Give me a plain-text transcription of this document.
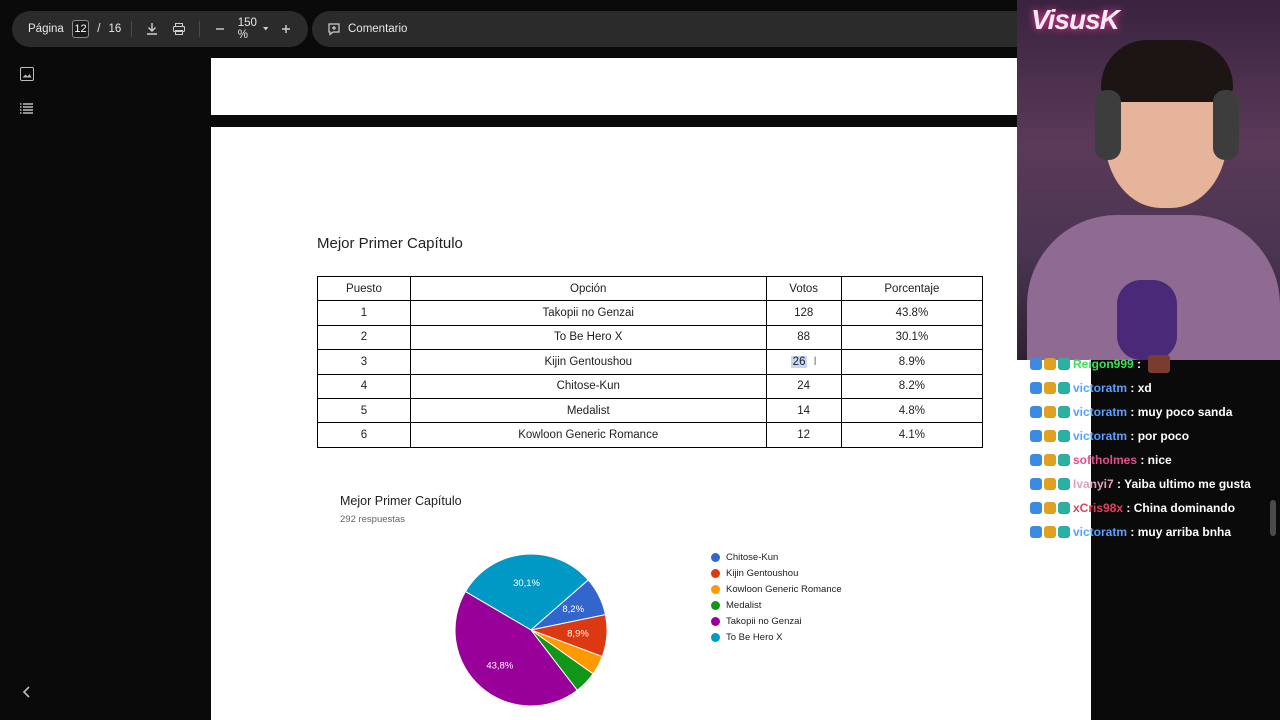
Página 12 / 16	150 %	Comentario
Mejor Primer Capítulo
Puesto	Opción	Votos	Porcentaje
1	Takopii no Genzai	128	43.8%
2	To Be Hero X	88	30.1%
3	Kijin Gentoushou	26 I	8.9%
4	Chitose-Kun	24	8.2%
5	Medalist	14	4.8%
6	Kowloon Generic Romance	12	4.1%
Mejor Primer Capítulo
292 respuestas
30,1%
8,2%
8,9%
43,8%
Chitose-Kun
Kijin Gentoushou
Kowloon Generic Romance
Medalist
Takopii no Genzai
To Be Hero X
VisusK
Reigon999 :
victoratm : xd
victoratm : muy poco sanda
victoratm : por poco
softholmes : nice
Ivanyi7 : Yaiba ultimo me gusta
xCris98x : China dominando
victoratm : muy arriba bnha
